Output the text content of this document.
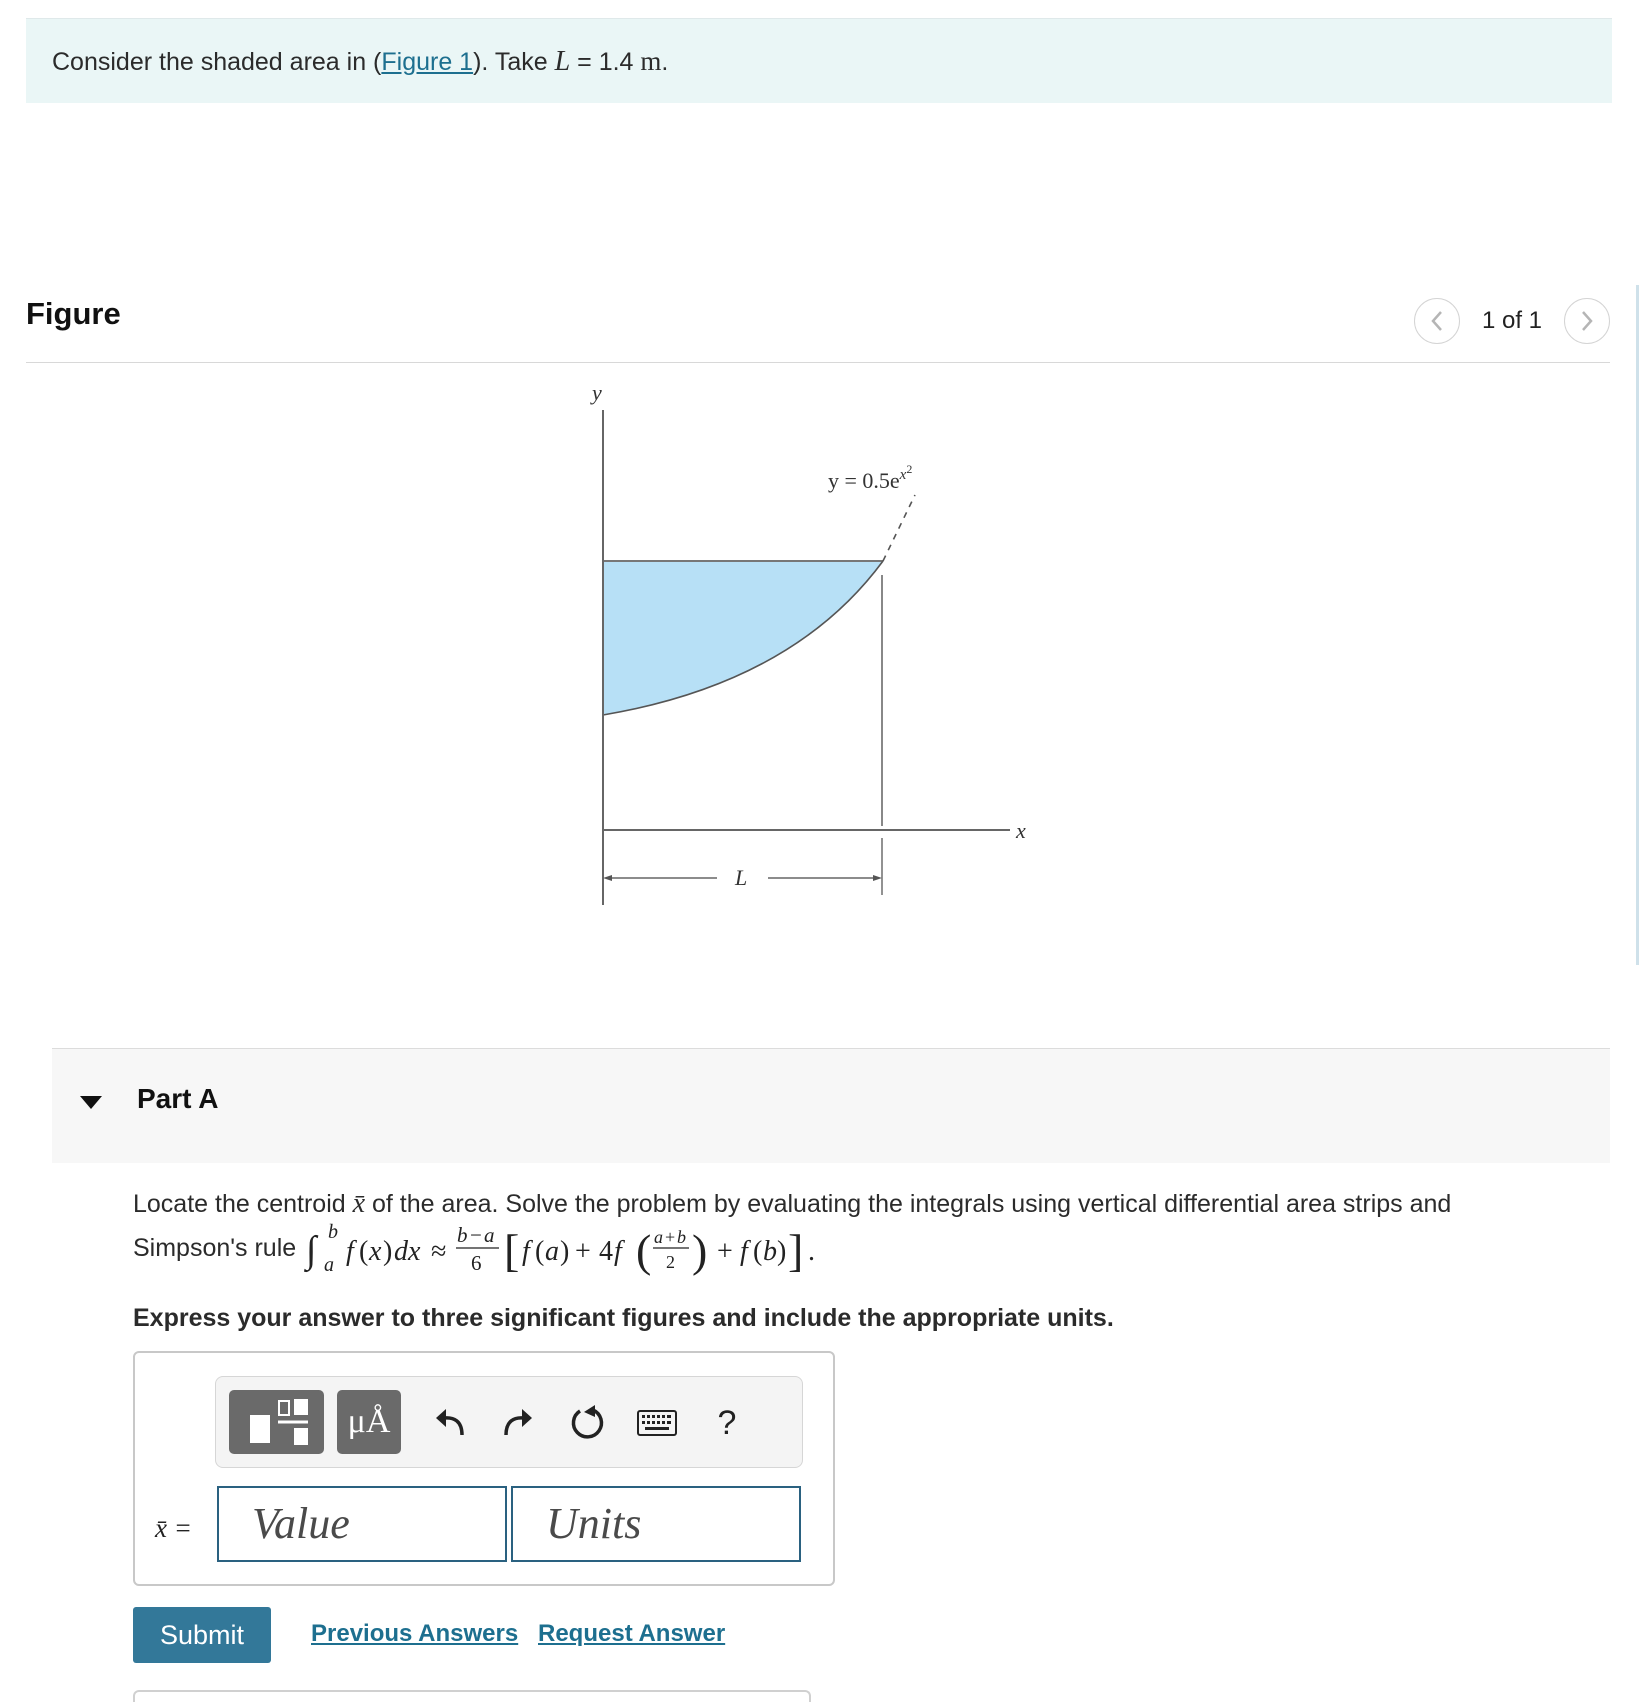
Consider the shaded area in (Figure 1). Take L = 1.4 m.
Figure	1 of 1
y
x
L
$y = 0.5e^{x2}$
Part A
Locate the centroid x̄ of the area. Solve the problem by evaluating the integrals using vertical differential area strips and
Simpson's rule ∫ b
a f ( x ) dx ≈
b − a
6 [ f ( a ) + 4 f ( a + b
2 ) + f ( b ) ] .
Express your answer to three significant figures and include the appropriate units.
μÅ	?
x̄ =	Value	Units
Submit	Previous Answers Request Answer
